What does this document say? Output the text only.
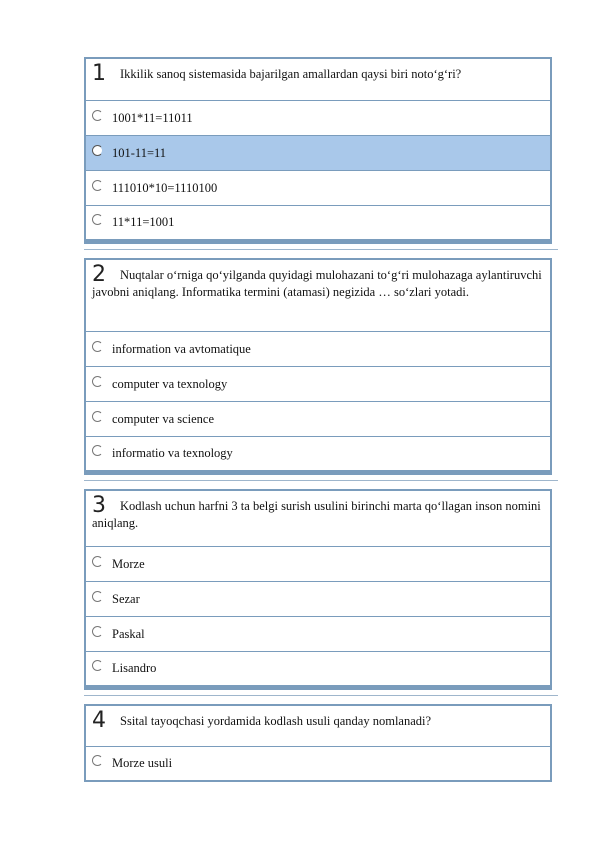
1 Ikkilik sanoq sistemasida bajarilgan amallardan qaysi biri noto‘g‘ri?
1001*11=11011
101-11=11
111010*10=1110100
11*11=1001
2 Nuqtalar o‘rniga qo‘yilganda quyidagi mulohazani to‘g‘ri mulohazaga aylantiruvchi javobni aniqlang. Informatika termini (atamasi) negizida … so‘zlari yotadi.
information va avtomatique
computer va texnology
computer va science
informatio va texnology
3 Kodlash uchun harfni 3 ta belgi surish usulini birinchi marta qo‘llagan inson nomini aniqlang.
Morze
Sezar
Paskal
Lisandro
4 Ssital tayoqchasi yordamida kodlash usuli qanday nomlanadi?
Morze usuli
